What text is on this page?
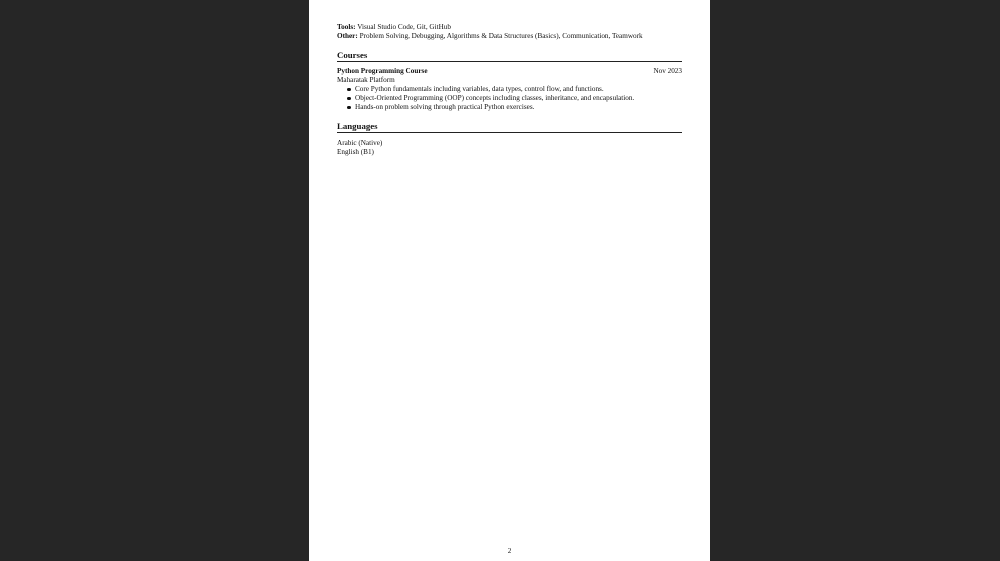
Tools: Visual Studio Code, Git, GitHub
Other: Problem Solving, Debugging, Algorithms & Data Structures (Basics), Communication, Teamwork
Courses
Python Programming Course	Nov 2023
Maharatak Platform
Core Python fundamentals including variables, data types, control flow, and functions.
Object-Oriented Programming (OOP) concepts including classes, inheritance, and encapsulation.
Hands-on problem solving through practical Python exercises.
Languages
Arabic (Native)
English (B1)
2
